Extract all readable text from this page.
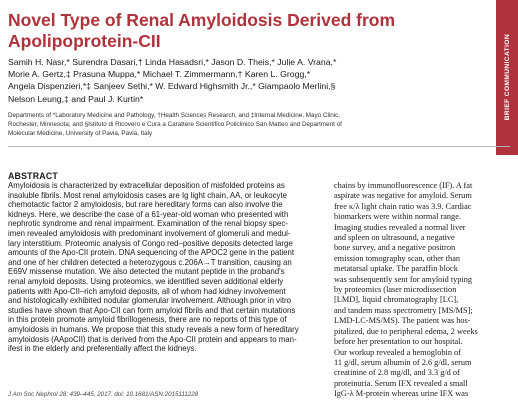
Novel Type of Renal Amyloidosis Derived from
Apolipoprotein-CII
Samih H. Nasr,* Surendra Dasari,† Linda Hasadsri,* Jason D. Theis,* Julie A. Vrana,*
Morie A. Gertz,‡ Prasuna Muppa,* Michael T. Zimmermann,† Karen L. Grogg,*
Angela Dispenzieri,*‡ Sanjeev Sethi,* W. Edward Highsmith Jr.,* Giampaolo Merlini,§
Nelson Leung,‡ and Paul J. Kurtin*
Departments of *Laboratory Medicine and Pathology, †Health Sciences Research, and ‡Internal Medicine, Mayo Clinic,
Rochester, Minnesota; and §Istituto di Ricovero e Cura a Carattere Scientifico Policlinico San Matteo and Department of
Molecular Medicine, University of Pavia, Pavia, Italy
BRIEF COMMUNICATION
ABSTRACT
Amyloidosis is characterized by extracellular deposition of misfolded proteins as
insoluble fibrils. Most renal amyloidosis cases are Ig light chain, AA, or leukocyte
chemotactic factor 2 amyloidosis, but rare hereditary forms can also involve the
kidneys. Here, we describe the case of a 61-year-old woman who presented with
nephrotic syndrome and renal impairment. Examination of the renal biopsy spec-
imen revealed amyloidosis with predominant involvement of glomeruli and medul-
lary interstitium. Proteomic analysis of Congo red–positive deposits detected large
amounts of the Apo-CII protein. DNA sequencing of the APOC2 gene in the patient
and one of her children detected a heterozygous c.206A→T transition, causing an
E69V missense mutation. We also detected the mutant peptide in the proband's
renal amyloid deposits. Using proteomics, we identified seven additional elderly
patients with Apo-CII–rich amyloid deposits, all of whom had kidney involvement
and histologically exhibited nodular glomerular involvement. Although prior in vitro
studies have shown that Apo-CII can form amyloid fibrils and that certain mutations
in this protein promote amyloid fibrillogenesis, there are no reports of this type of
amyloidosis in humans. We propose that this study reveals a new form of hereditary
amyloidosis (AApoCII) that is derived from the Apo-CII protein and appears to man-
ifest in the elderly and preferentially affect the kidneys.
J Am Soc Nephrol 28: 439–445, 2017. doi: 10.1681/ASN.2015111228
chains by immunofluorescence (IF). A fat
aspirate was negative for amyloid. Serum
free κ/λ light chain ratio was 3.9. Cardiac
biomarkers were within normal range.
Imaging studies revealed a normal liver
and spleen on ultrasound, a negative
bone survey, and a negative positron
emission tomography scan, other than
metatarsal uptake. The paraffin block
was subsequently sent for amyloid typing
by proteomics (laser microdissection
[LMD], liquid chromatography [LC],
and tandem mass spectrometry [MS/MS];
LMD-LC-MS/MS). The patient was hos-
pitalized, due to peripheral edema, 2 weeks
before her presentation to our hospital.
Our workup revealed a hemoglobin of
11 g/dl, serum albumin of 2.6 g/dl, serum
creatinine of 2.8 mg/dl, and 3.3 g/d of
proteinuria. Serum IFX revealed a small
IgG-λ M-protein whereas urine IFX was
